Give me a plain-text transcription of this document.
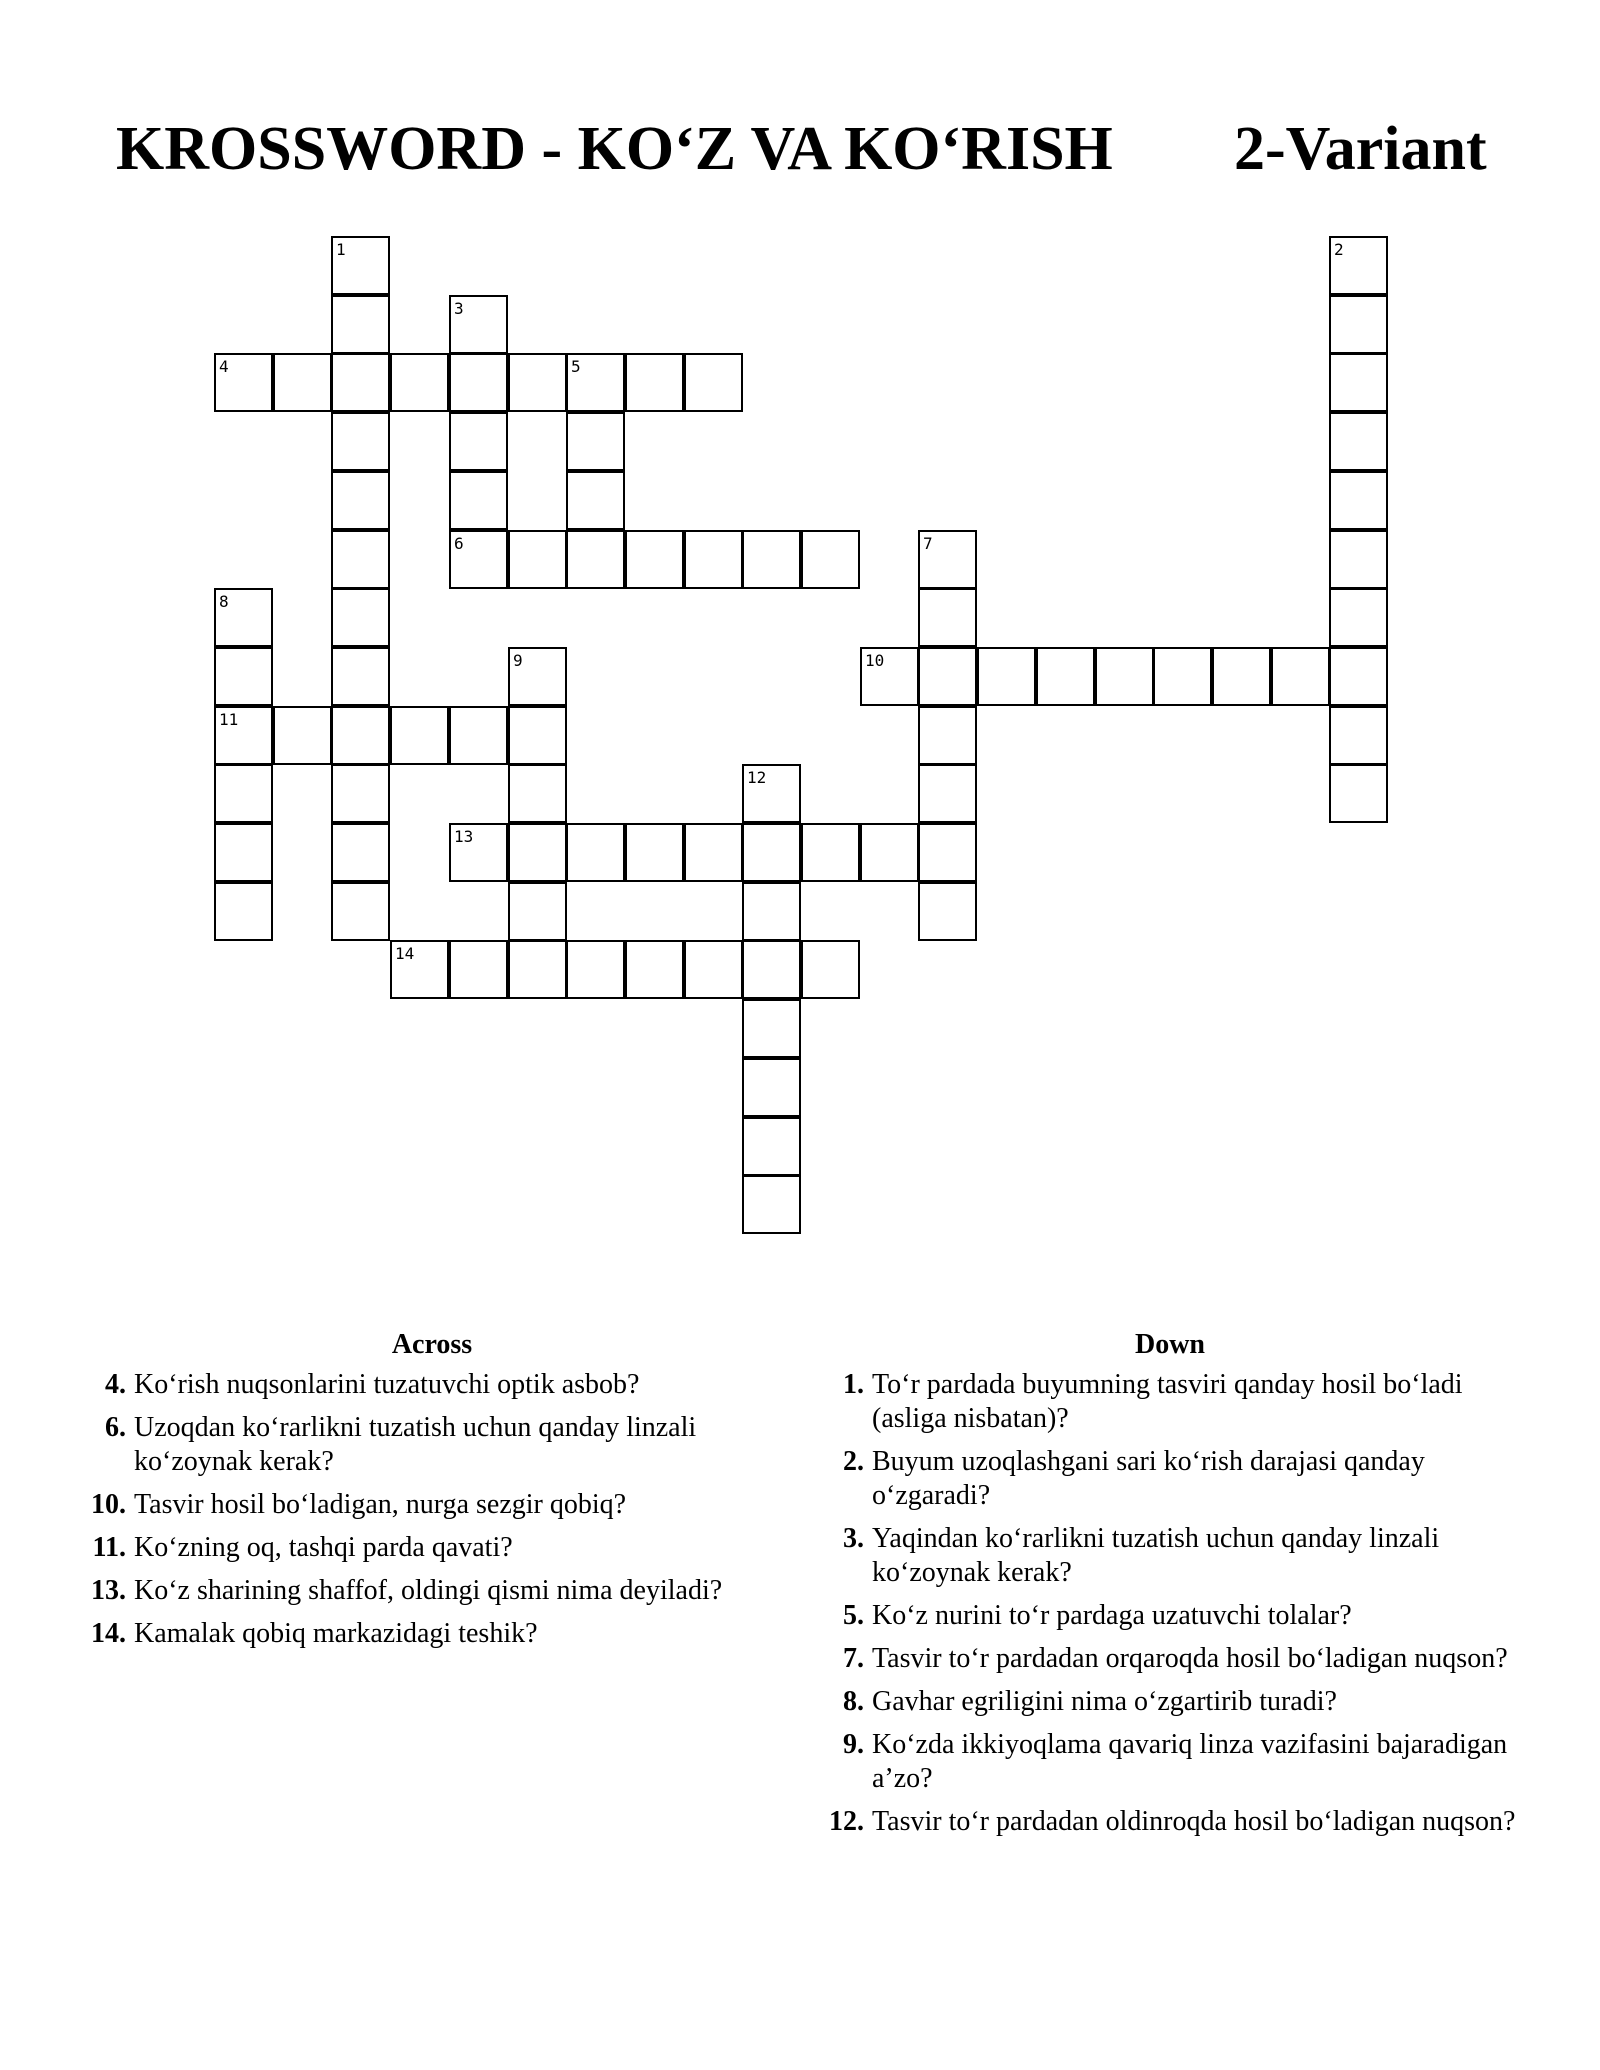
KROSSWORD - KO‘Z VA KO‘RISH 2-Variant
1	2
3
4	5
6	7
8
9	10
11
12
13
14
Across
4. Ko‘rish nuqsonlarini tuzatuvchi optik asbob?
6. Uzoqdan ko‘rarlikni tuzatish uchun qanday linzali ko‘zoynak kerak?
10. Tasvir hosil bo‘ladigan, nurga sezgir qobiq?
11. Ko‘zning oq, tashqi parda qavati?
13. Ko‘z sharining shaffof, oldingi qismi nima deyiladi?
14. Kamalak qobiq markazidagi teshik?
Down
1. To‘r pardada buyumning tasviri qanday hosil bo‘ladi (asliga nisbatan)?
2. Buyum uzoqlashgani sari ko‘rish darajasi qanday o‘zgaradi?
3. Yaqindan ko‘rarlikni tuzatish uchun qanday linzali ko‘zoynak kerak?
5. Ko‘z nurini to‘r pardaga uzatuvchi tolalar?
7. Tasvir to‘r pardadan orqaroqda hosil bo‘ladigan nuqson?
8. Gavhar egriligini nima o‘zgartirib turadi?
9. Ko‘zda ikkiyoqlama qavariq linza vazifasini bajaradigan a’zo?
12. Tasvir to‘r pardadan oldinroqda hosil bo‘ladigan nuqson?
